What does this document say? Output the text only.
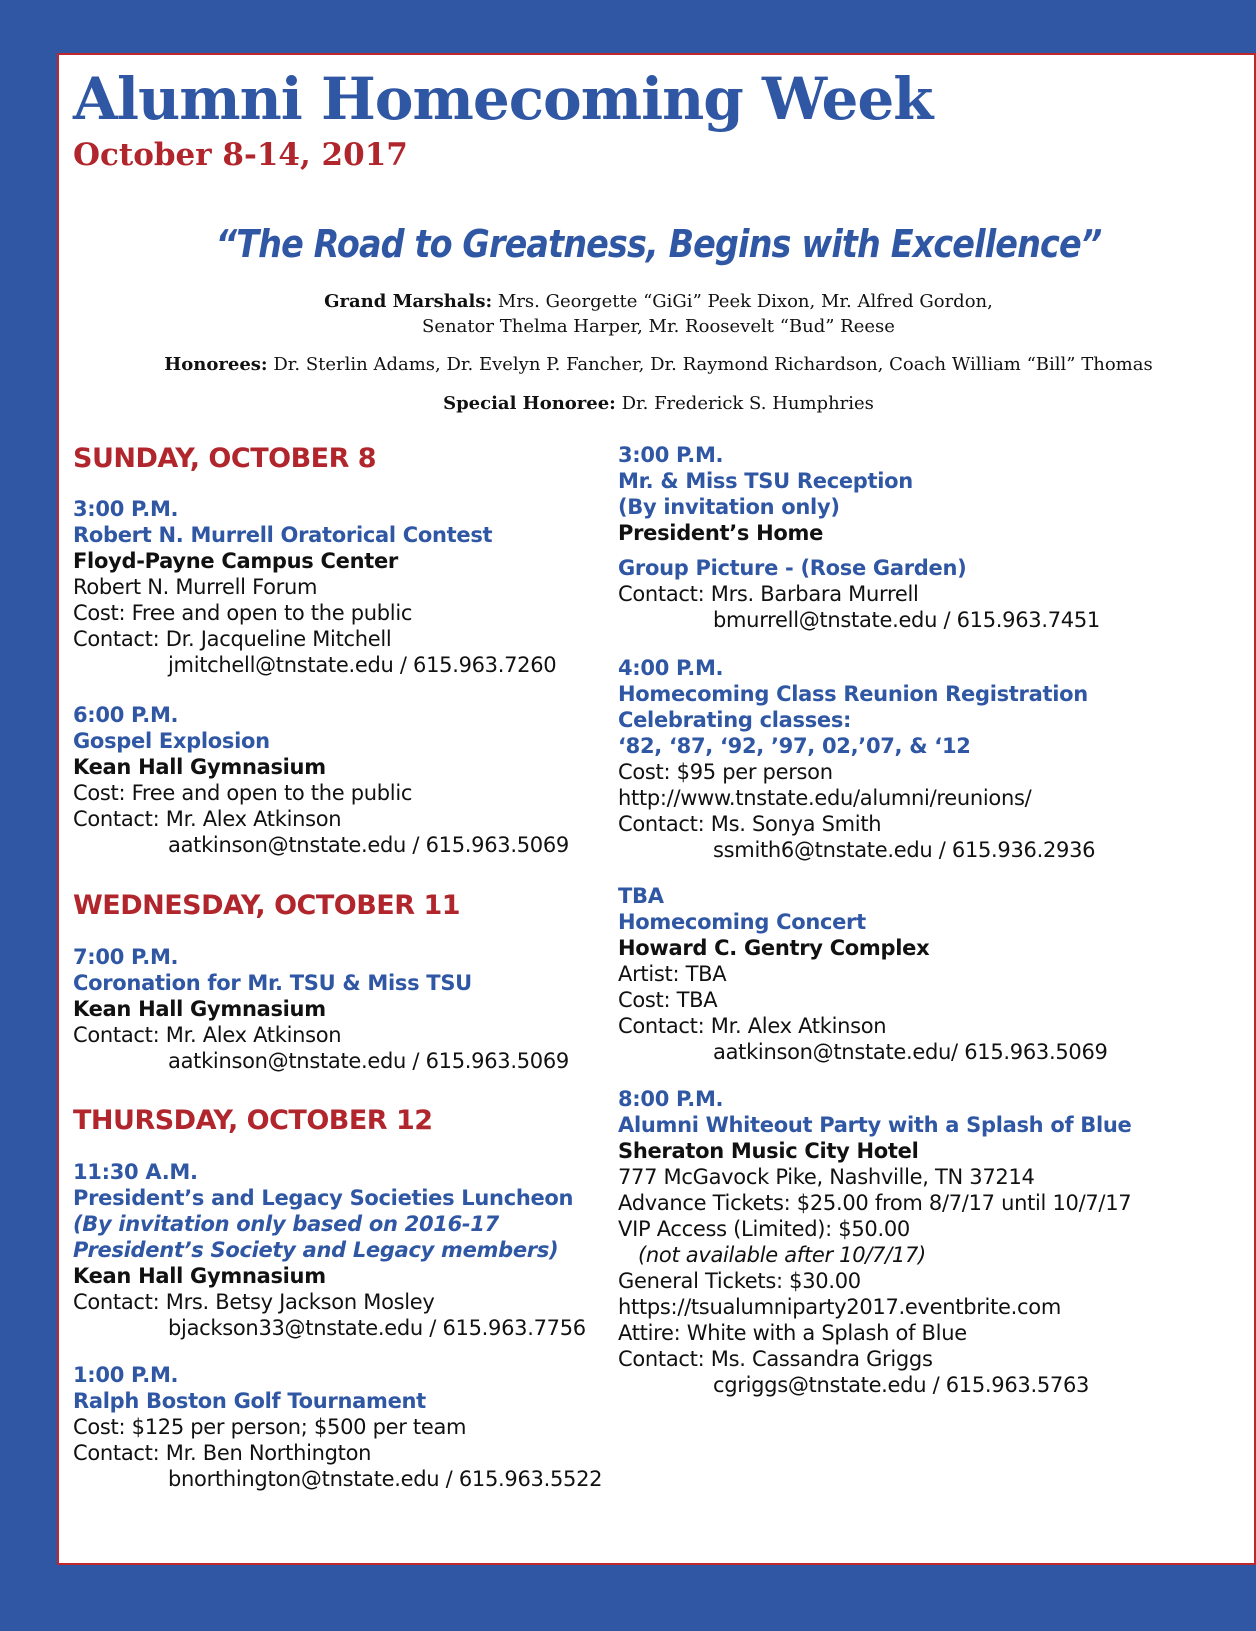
Alumni Homecoming Week
October 8-14, 2017
“The Road to Greatness, Begins with Excellence”
Grand Marshals: Mrs. Georgette “GiGi” Peek Dixon, Mr. Alfred Gordon,
Senator Thelma Harper, Mr. Roosevelt “Bud” Reese
Honorees: Dr. Sterlin Adams, Dr. Evelyn P. Fancher, Dr. Raymond Richardson, Coach William “Bill” Thomas
Special Honoree: Dr. Frederick S. Humphries
SUNDAY, OCTOBER 8
3:00 P.M.
Robert N. Murrell Oratorical Contest
Floyd-Payne Campus Center
Robert N. Murrell Forum
Cost: Free and open to the public
Contact: Dr. Jacqueline Mitchell
jmitchell@tnstate.edu / 615.963.7260
6:00 P.M.
Gospel Explosion
Kean Hall Gymnasium
Cost: Free and open to the public
Contact: Mr. Alex Atkinson
aatkinson@tnstate.edu / 615.963.5069
WEDNESDAY, OCTOBER 11
7:00 P.M.
Coronation for Mr. TSU & Miss TSU
Kean Hall Gymnasium
Contact: Mr. Alex Atkinson
aatkinson@tnstate.edu / 615.963.5069
THURSDAY, OCTOBER 12
11:30 A.M.
President’s and Legacy Societies Luncheon
(By invitation only based on 2016-17
President’s Society and Legacy members)
Kean Hall Gymnasium
Contact: Mrs. Betsy Jackson Mosley
bjackson33@tnstate.edu / 615.963.7756
1:00 P.M.
Ralph Boston Golf Tournament
Cost: $125 per person; $500 per team
Contact: Mr. Ben Northington
bnorthington@tnstate.edu / 615.963.5522
3:00 P.M.
Mr. & Miss TSU Reception
(By invitation only)
President’s Home
Group Picture - (Rose Garden)
Contact: Mrs. Barbara Murrell
bmurrell@tnstate.edu / 615.963.7451
4:00 P.M.
Homecoming Class Reunion Registration
Celebrating classes:
‘82, ‘87, ‘92, ’97, 02,’07, & ‘12
Cost: $95 per person
http://www.tnstate.edu/alumni/reunions/
Contact: Ms. Sonya Smith
ssmith6@tnstate.edu / 615.936.2936
TBA
Homecoming Concert
Howard C. Gentry Complex
Artist: TBA
Cost: TBA
Contact: Mr. Alex Atkinson
aatkinson@tnstate.edu/ 615.963.5069
8:00 P.M.
Alumni Whiteout Party with a Splash of Blue
Sheraton Music City Hotel
777 McGavock Pike, Nashville, TN 37214
Advance Tickets: $25.00 from 8/7/17 until 10/7/17
VIP Access (Limited): $50.00
(not available after 10/7/17)
General Tickets: $30.00
https://tsualumniparty2017.eventbrite.com
Attire: White with a Splash of Blue
Contact: Ms. Cassandra Griggs
cgriggs@tnstate.edu / 615.963.5763
